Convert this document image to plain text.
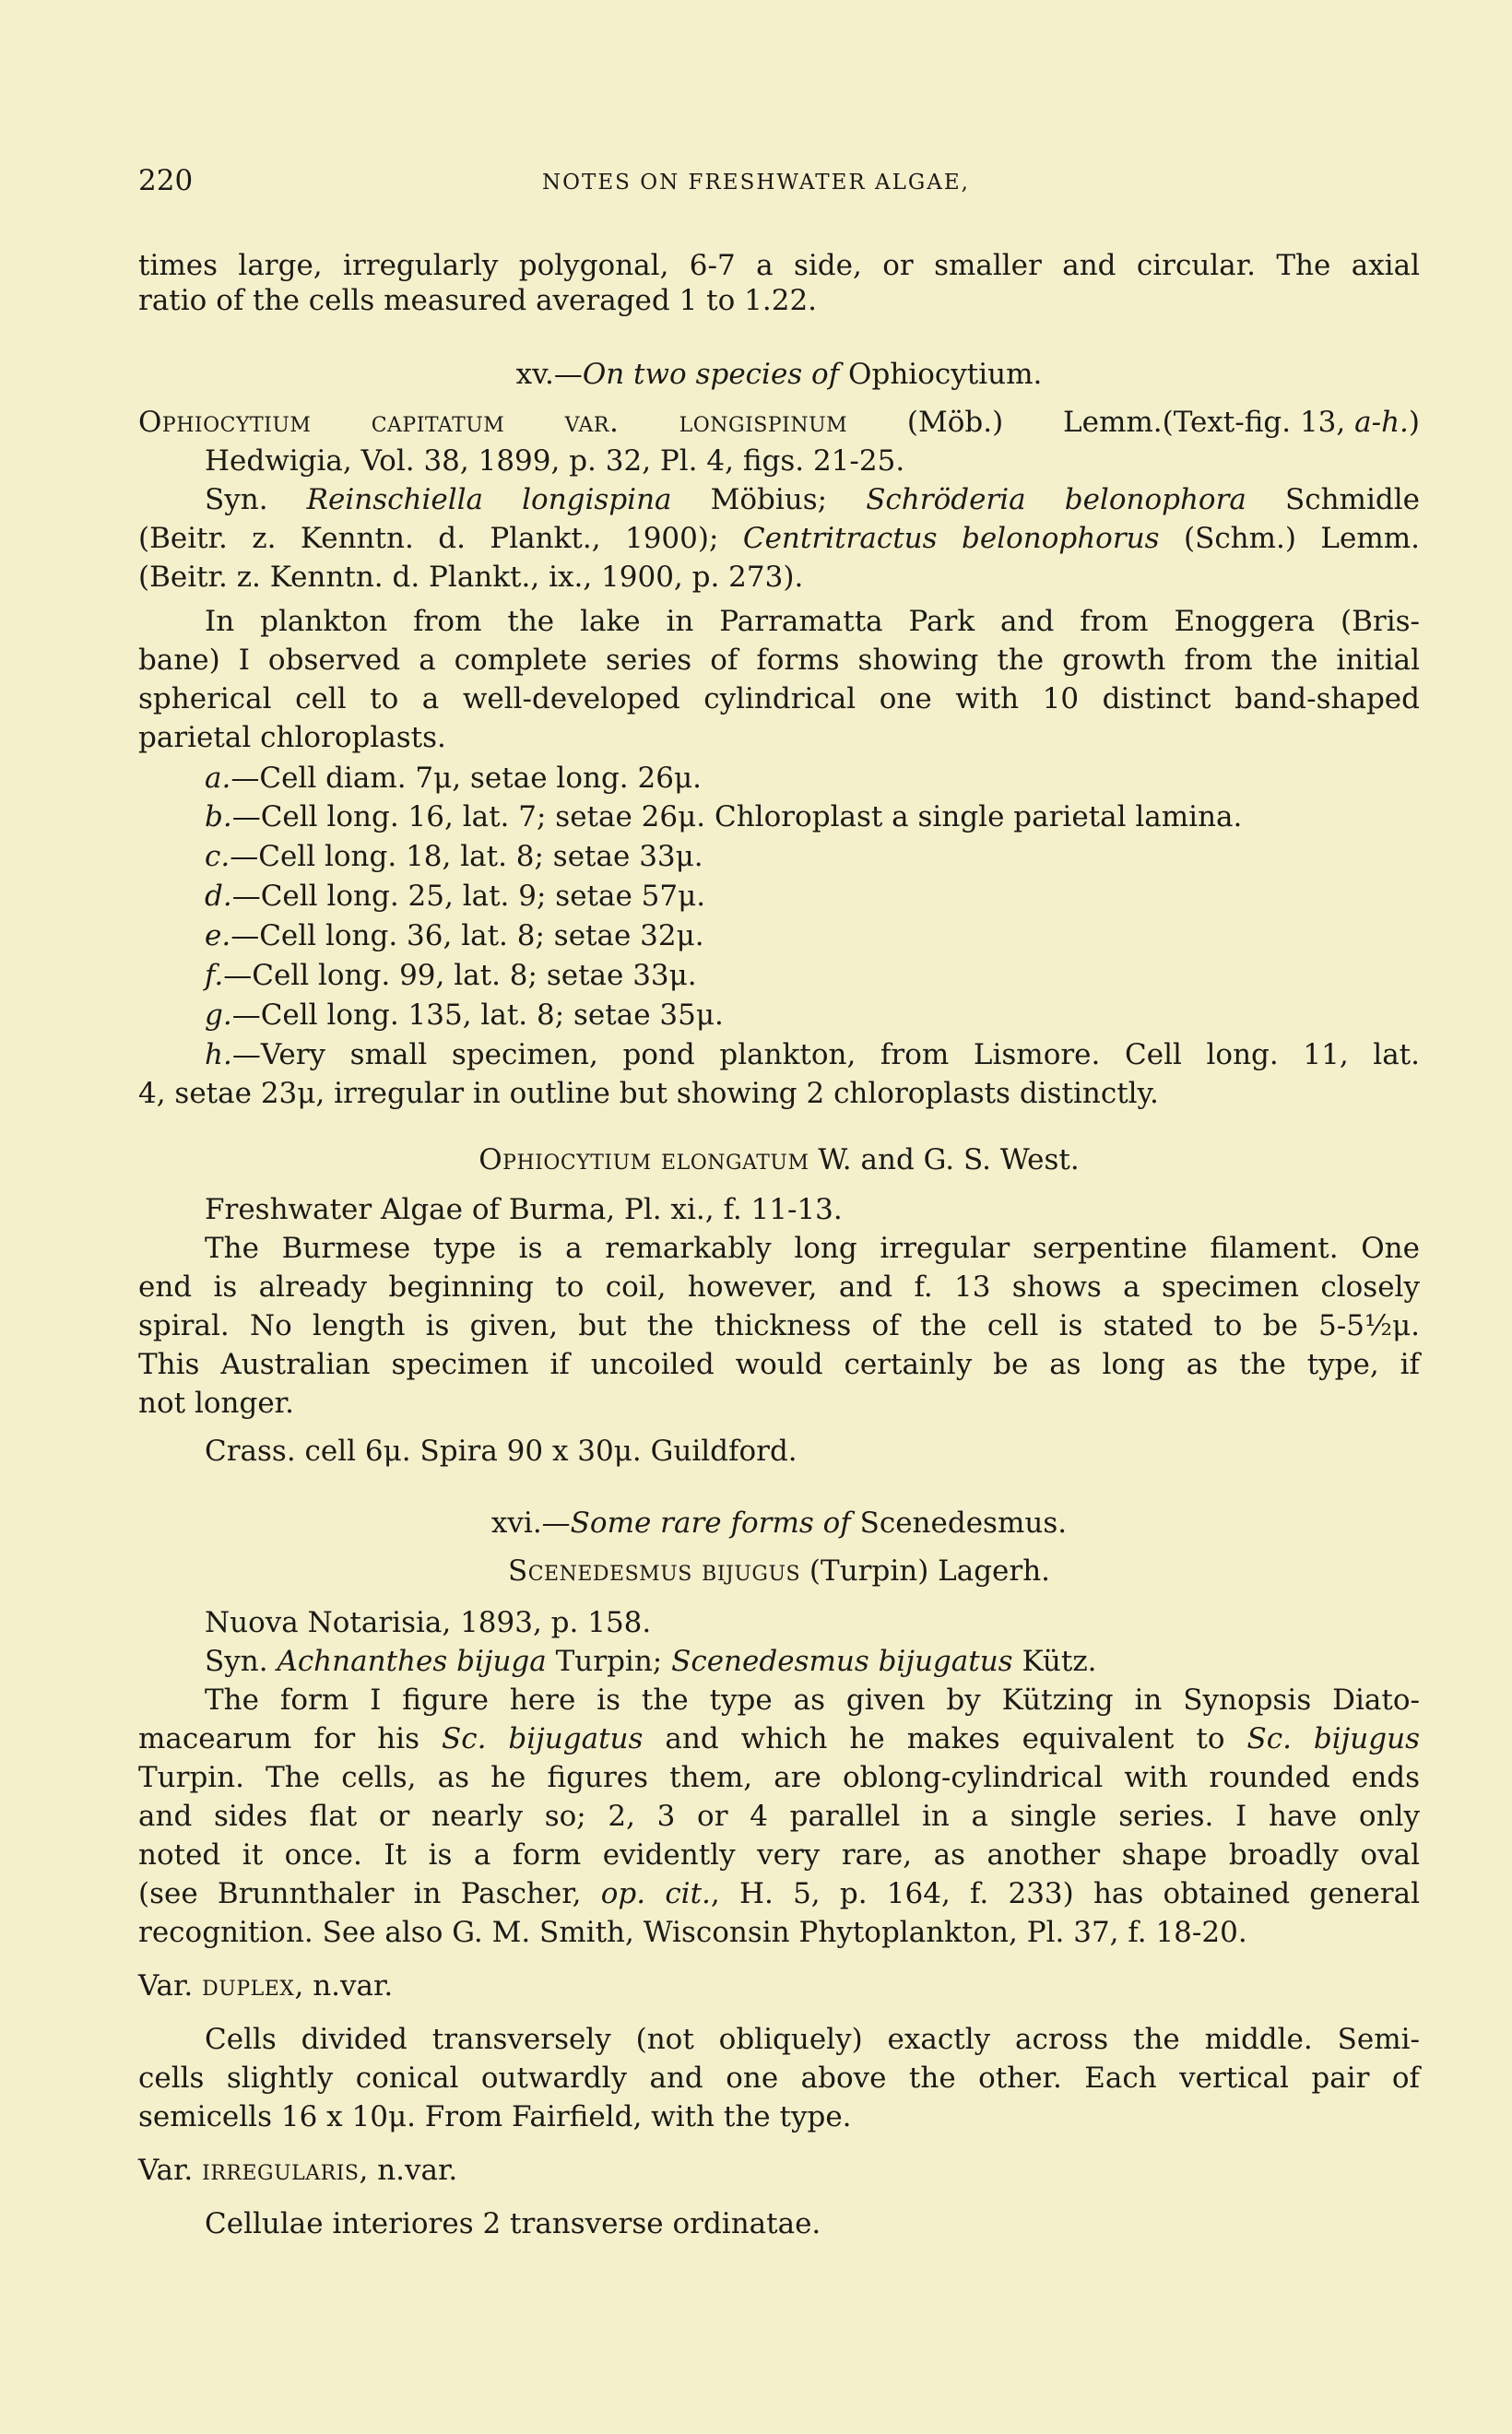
220	NOTES ON FRESHWATER ALGAE,
times large, irregularly polygonal, 6-7 a side, or smaller and circular. The axial
ratio of the cells measured averaged 1 to 1.22.
xv.—On two species of Ophiocytium.
Ophiocytium capitatum var. longispinum (Möb.) Lemm. (Text-fig. 13, a-h.)
Hedwigia, Vol. 38, 1899, p. 32, Pl. 4, figs. 21-25.
Syn. Reinschiella longispina Möbius; Schröderia belonophora Schmidle
(Beitr. z. Kenntn. d. Plankt., 1900); Centritractus belonophorus (Schm.) Lemm.
(Beitr. z. Kenntn. d. Plankt., ix., 1900, p. 273).
In plankton from the lake in Parramatta Park and from Enoggera (Bris-
bane) I observed a complete series of forms showing the growth from the initial
spherical cell to a well-developed cylindrical one with 10 distinct band-shaped
parietal chloroplasts.
a.—Cell diam. 7μ, setae long. 26μ.
b.—Cell long. 16, lat. 7; setae 26μ. Chloroplast a single parietal lamina.
c.—Cell long. 18, lat. 8; setae 33μ.
d.—Cell long. 25, lat. 9; setae 57μ.
e.—Cell long. 36, lat. 8; setae 32μ.
f.—Cell long. 99, lat. 8; setae 33μ.
g.—Cell long. 135, lat. 8; setae 35μ.
h.—Very small specimen, pond plankton, from Lismore. Cell long. 11, lat.
4, setae 23μ, irregular in outline but showing 2 chloroplasts distinctly.
Ophiocytium elongatum W. and G. S. West.
Freshwater Algae of Burma, Pl. xi., f. 11-13.
The Burmese type is a remarkably long irregular serpentine filament. One
end is already beginning to coil, however, and f. 13 shows a specimen closely
spiral. No length is given, but the thickness of the cell is stated to be 5-5½μ.
This Australian specimen if uncoiled would certainly be as long as the type, if
not longer.
Crass. cell 6μ. Spira 90 x 30μ. Guildford.
xvi.—Some rare forms of Scenedesmus.
Scenedesmus bijugus (Turpin) Lagerh.
Nuova Notarisia, 1893, p. 158.
Syn. Achnanthes bijuga Turpin; Scenedesmus bijugatus Kütz.
The form I figure here is the type as given by Kützing in Synopsis Diato-
macearum for his Sc. bijugatus and which he makes equivalent to Sc. bijugus
Turpin. The cells, as he figures them, are oblong-cylindrical with rounded ends
and sides flat or nearly so; 2, 3 or 4 parallel in a single series. I have only
noted it once. It is a form evidently very rare, as another shape broadly oval
(see Brunnthaler in Pascher, op. cit., H. 5, p. 164, f. 233) has obtained general
recognition. See also G. M. Smith, Wisconsin Phytoplankton, Pl. 37, f. 18-20.
Var. duplex, n.var.
Cells divided transversely (not obliquely) exactly across the middle. Semi-
cells slightly conical outwardly and one above the other. Each vertical pair of
semicells 16 x 10μ. From Fairfield, with the type.
Var. irregularis, n.var.
Cellulae interiores 2 transverse ordinatae.
